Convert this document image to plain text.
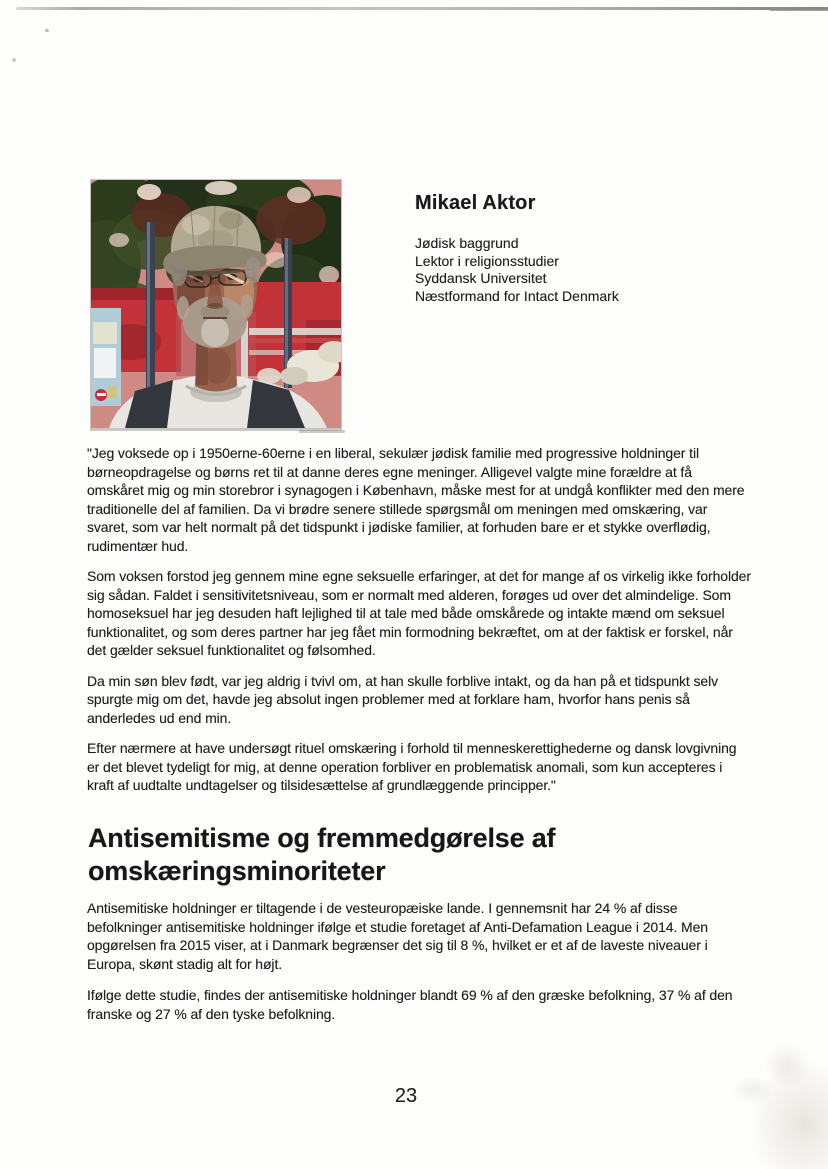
Mikael Aktor
Jødisk baggrund
Lektor i religionsstudier
Syddansk Universitet
Næstformand for Intact Denmark

"Jeg voksede op i 1950erne-60erne i en liberal, sekulær jødisk familie med progressive holdninger til børneopdragelse og børns ret til at danne deres egne meninger. Alligevel valgte mine forældre at få omskåret mig og min storebror i synagogen i København, måske mest for at undgå konflikter med den mere traditionelle del af familien. Da vi brødre senere stillede spørgsmål om meningen med omskæring, var svaret, som var helt normalt på det tidspunkt i jødiske familier, at forhuden bare er et stykke overflødig, rudimentær hud.

Som voksen forstod jeg gennem mine egne seksuelle erfaringer, at det for mange af os virkelig ikke forholder sig sådan. Faldet i sensitivitetsniveau, som er normalt med alderen, forøges ud over det almindelige. Som homoseksuel har jeg desuden haft lejlighed til at tale med både omskårede og intakte mænd om seksuel funktionalitet, og som deres partner har jeg fået min formodning bekræftet, om at der faktisk er forskel, når det gælder seksuel funktionalitet og følsomhed.

Da min søn blev født, var jeg aldrig i tvivl om, at han skulle forblive intakt, og da han på et tidspunkt selv spurgte mig om det, havde jeg absolut ingen problemer med at forklare ham, hvorfor hans penis så anderledes ud end min.

Efter nærmere at have undersøgt rituel omskæring i forhold til menneskerettighederne og dansk lovgivning er det blevet tydeligt for mig, at denne operation forbliver en problematisk anomali, som kun accepteres i kraft af uudtalte undtagelser og tilsidesættelse af grundlæggende principper."

Antisemitisme og fremmedgørelse af omskæringsminoriteter

Antisemitiske holdninger er tiltagende i de vesteuropæiske lande. I gennemsnit har 24 % af disse befolkninger antisemitiske holdninger ifølge et studie foretaget af Anti-Defamation League i 2014. Men opgørelsen fra 2015 viser, at i Danmark begrænser det sig til 8 %, hvilket er et af de laveste niveauer i Europa, skønt stadig alt for højt.

Ifølge dette studie, findes der antisemitiske holdninger blandt 69 % af den græske befolkning, 37 % af den franske og 27 % af den tyske befolkning.

23
